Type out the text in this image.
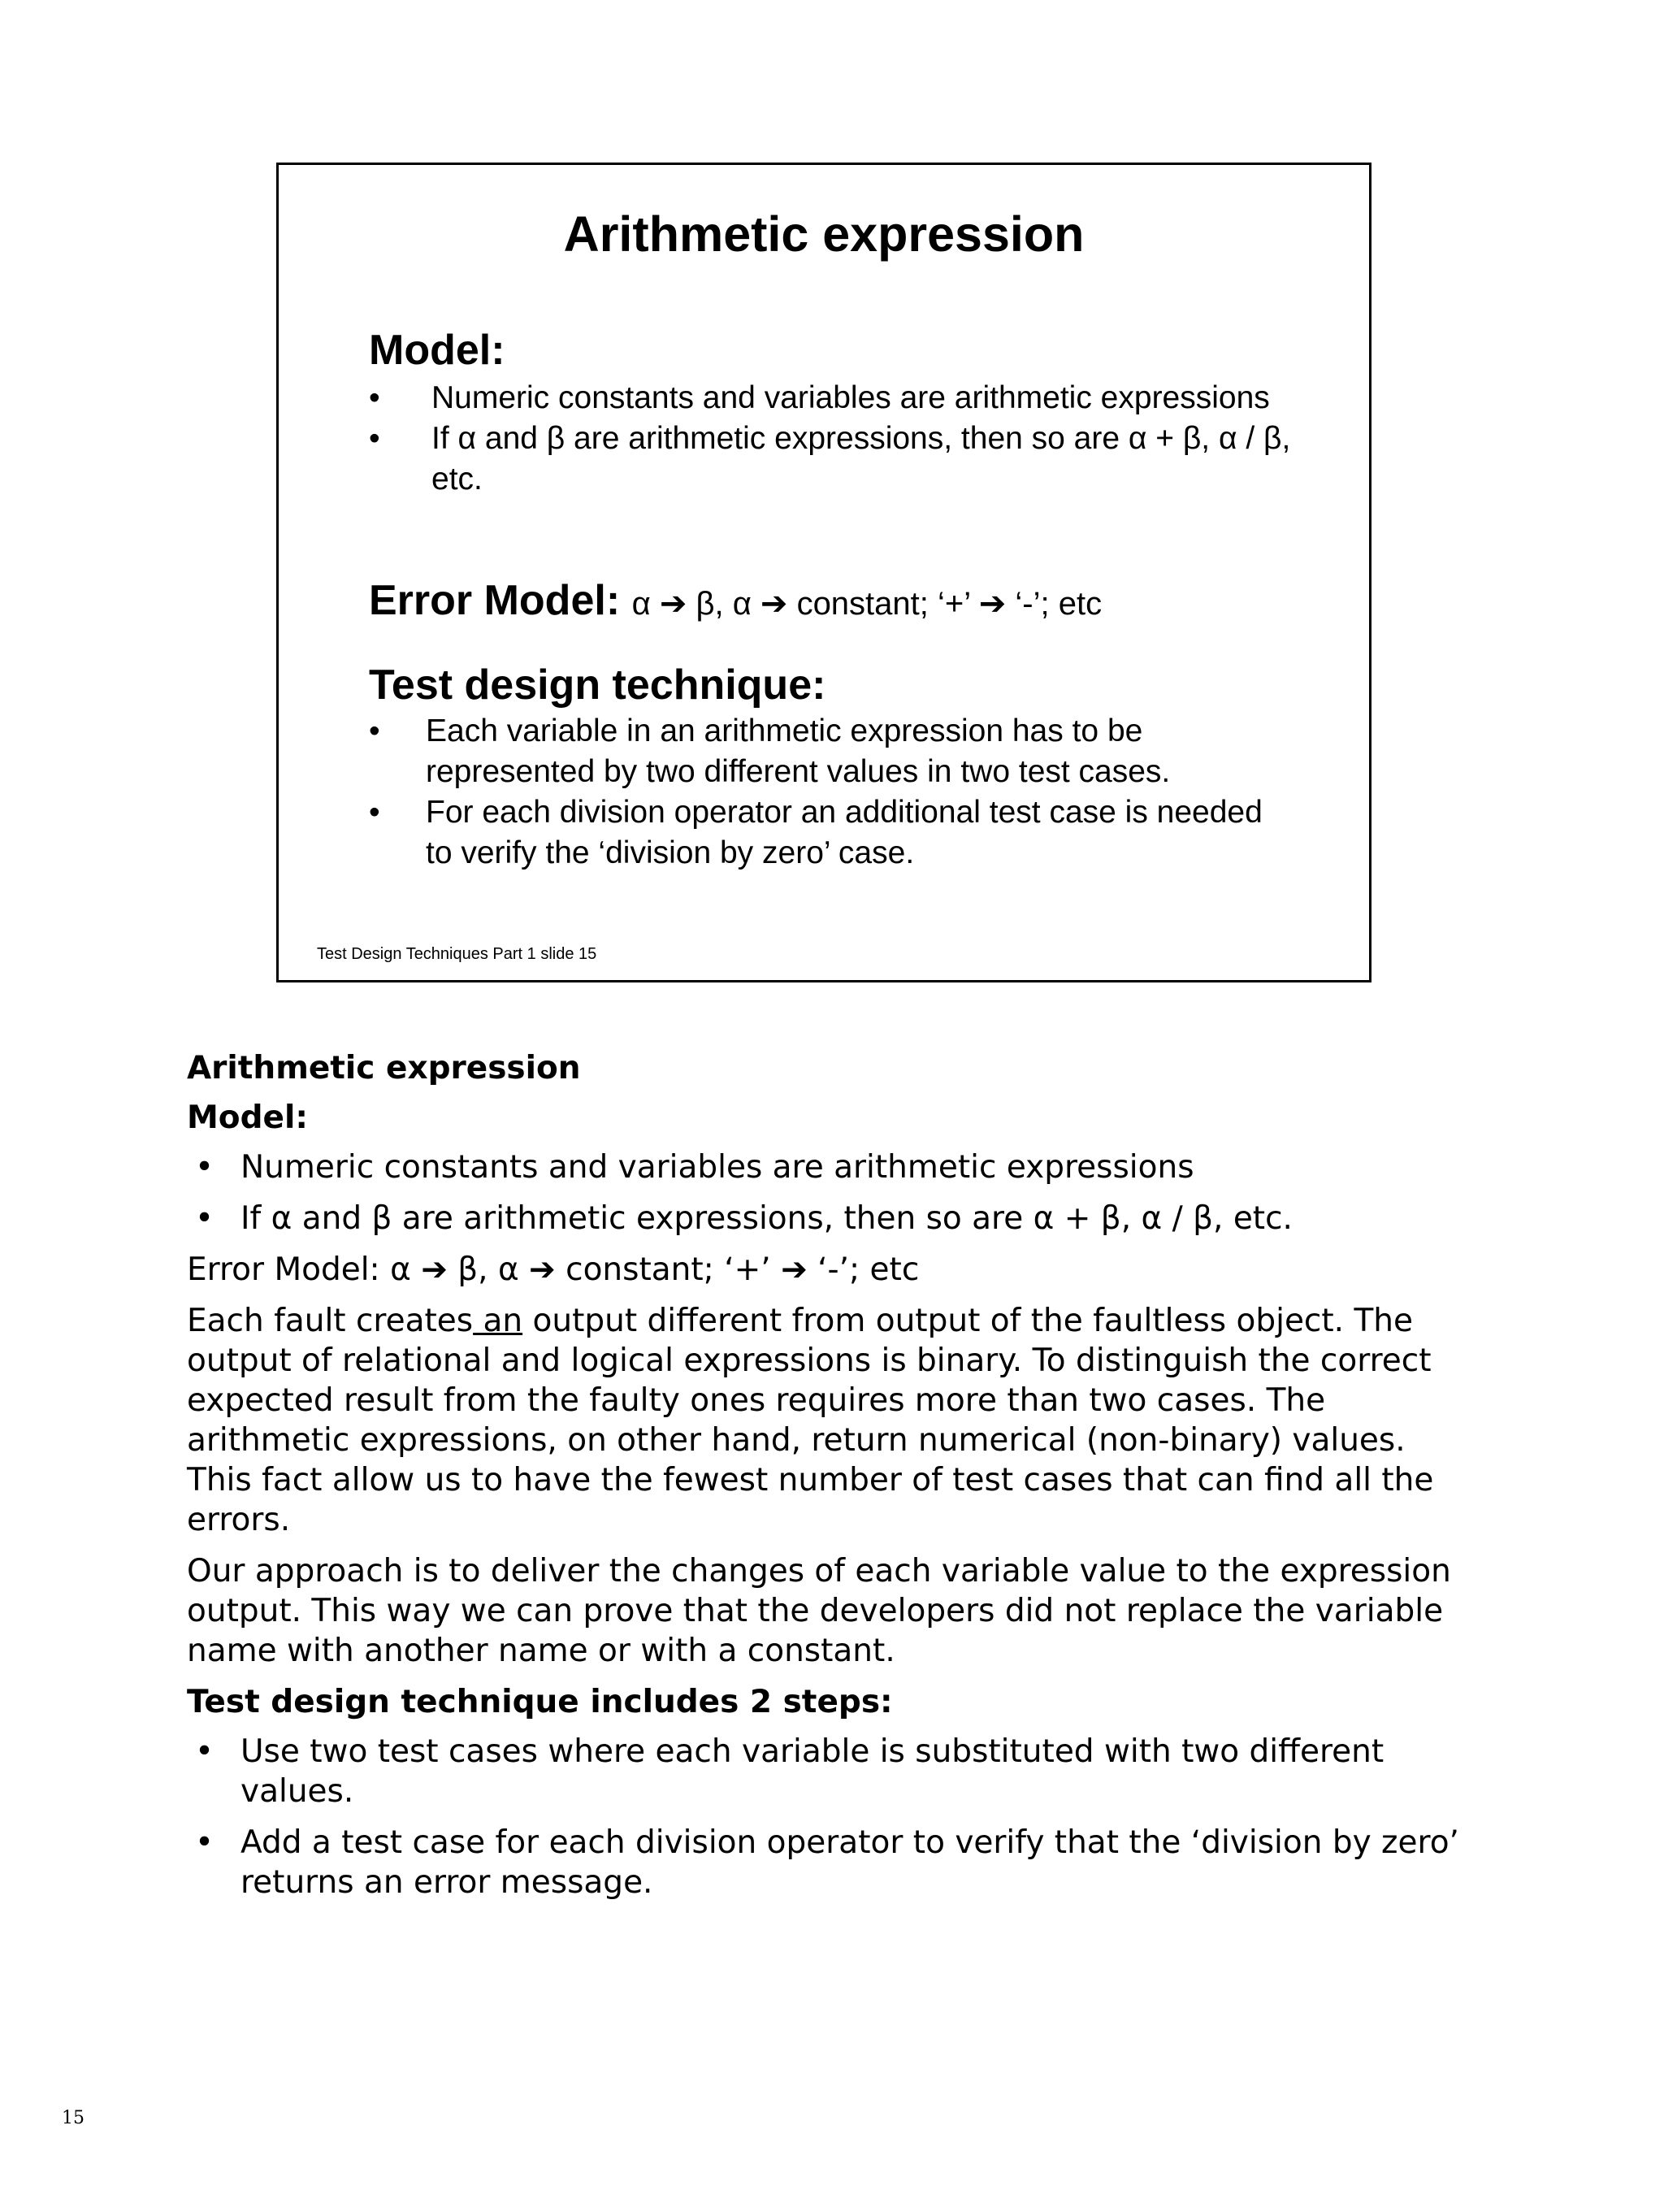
Arithmetic expression
Model:
• Numeric constants and variables are arithmetic expressions
• If α and β are arithmetic expressions, then so are α + β, α / β, etc.
Error Model: α ➔ β, α ➔ constant; ‘+’ ➔ ‘-’; etc
Test design technique:
• Each variable in an arithmetic expression has to be represented by two different values in two test cases.
• For each division operator an additional test case is needed to verify the ‘division by zero’ case.
Test Design Techniques Part 1 slide 15

Arithmetic expression

Model:

• Numeric constants and variables are arithmetic expressions
• If α and β are arithmetic expressions, then so are α + β, α / β, etc.

Error Model: α ➔ β, α ➔ constant; ‘+’ ➔ ‘-’; etc

Each fault creates an output different from output of the faultless object. The output of relational and logical expressions is binary. To distinguish the correct expected result from the faulty ones requires more than two cases. The arithmetic expressions, on other hand, return numerical (non-binary) values. This fact allow us to have the fewest number of test cases that can find all the errors.

Our approach is to deliver the changes of each variable value to the expression output. This way we can prove that the developers did not replace the variable name with another name or with a constant.

Test design technique includes 2 steps:

• Use two test cases where each variable is substituted with two different values.
• Add a test case for each division operator to verify that the ‘division by zero’ returns an error message.
15
